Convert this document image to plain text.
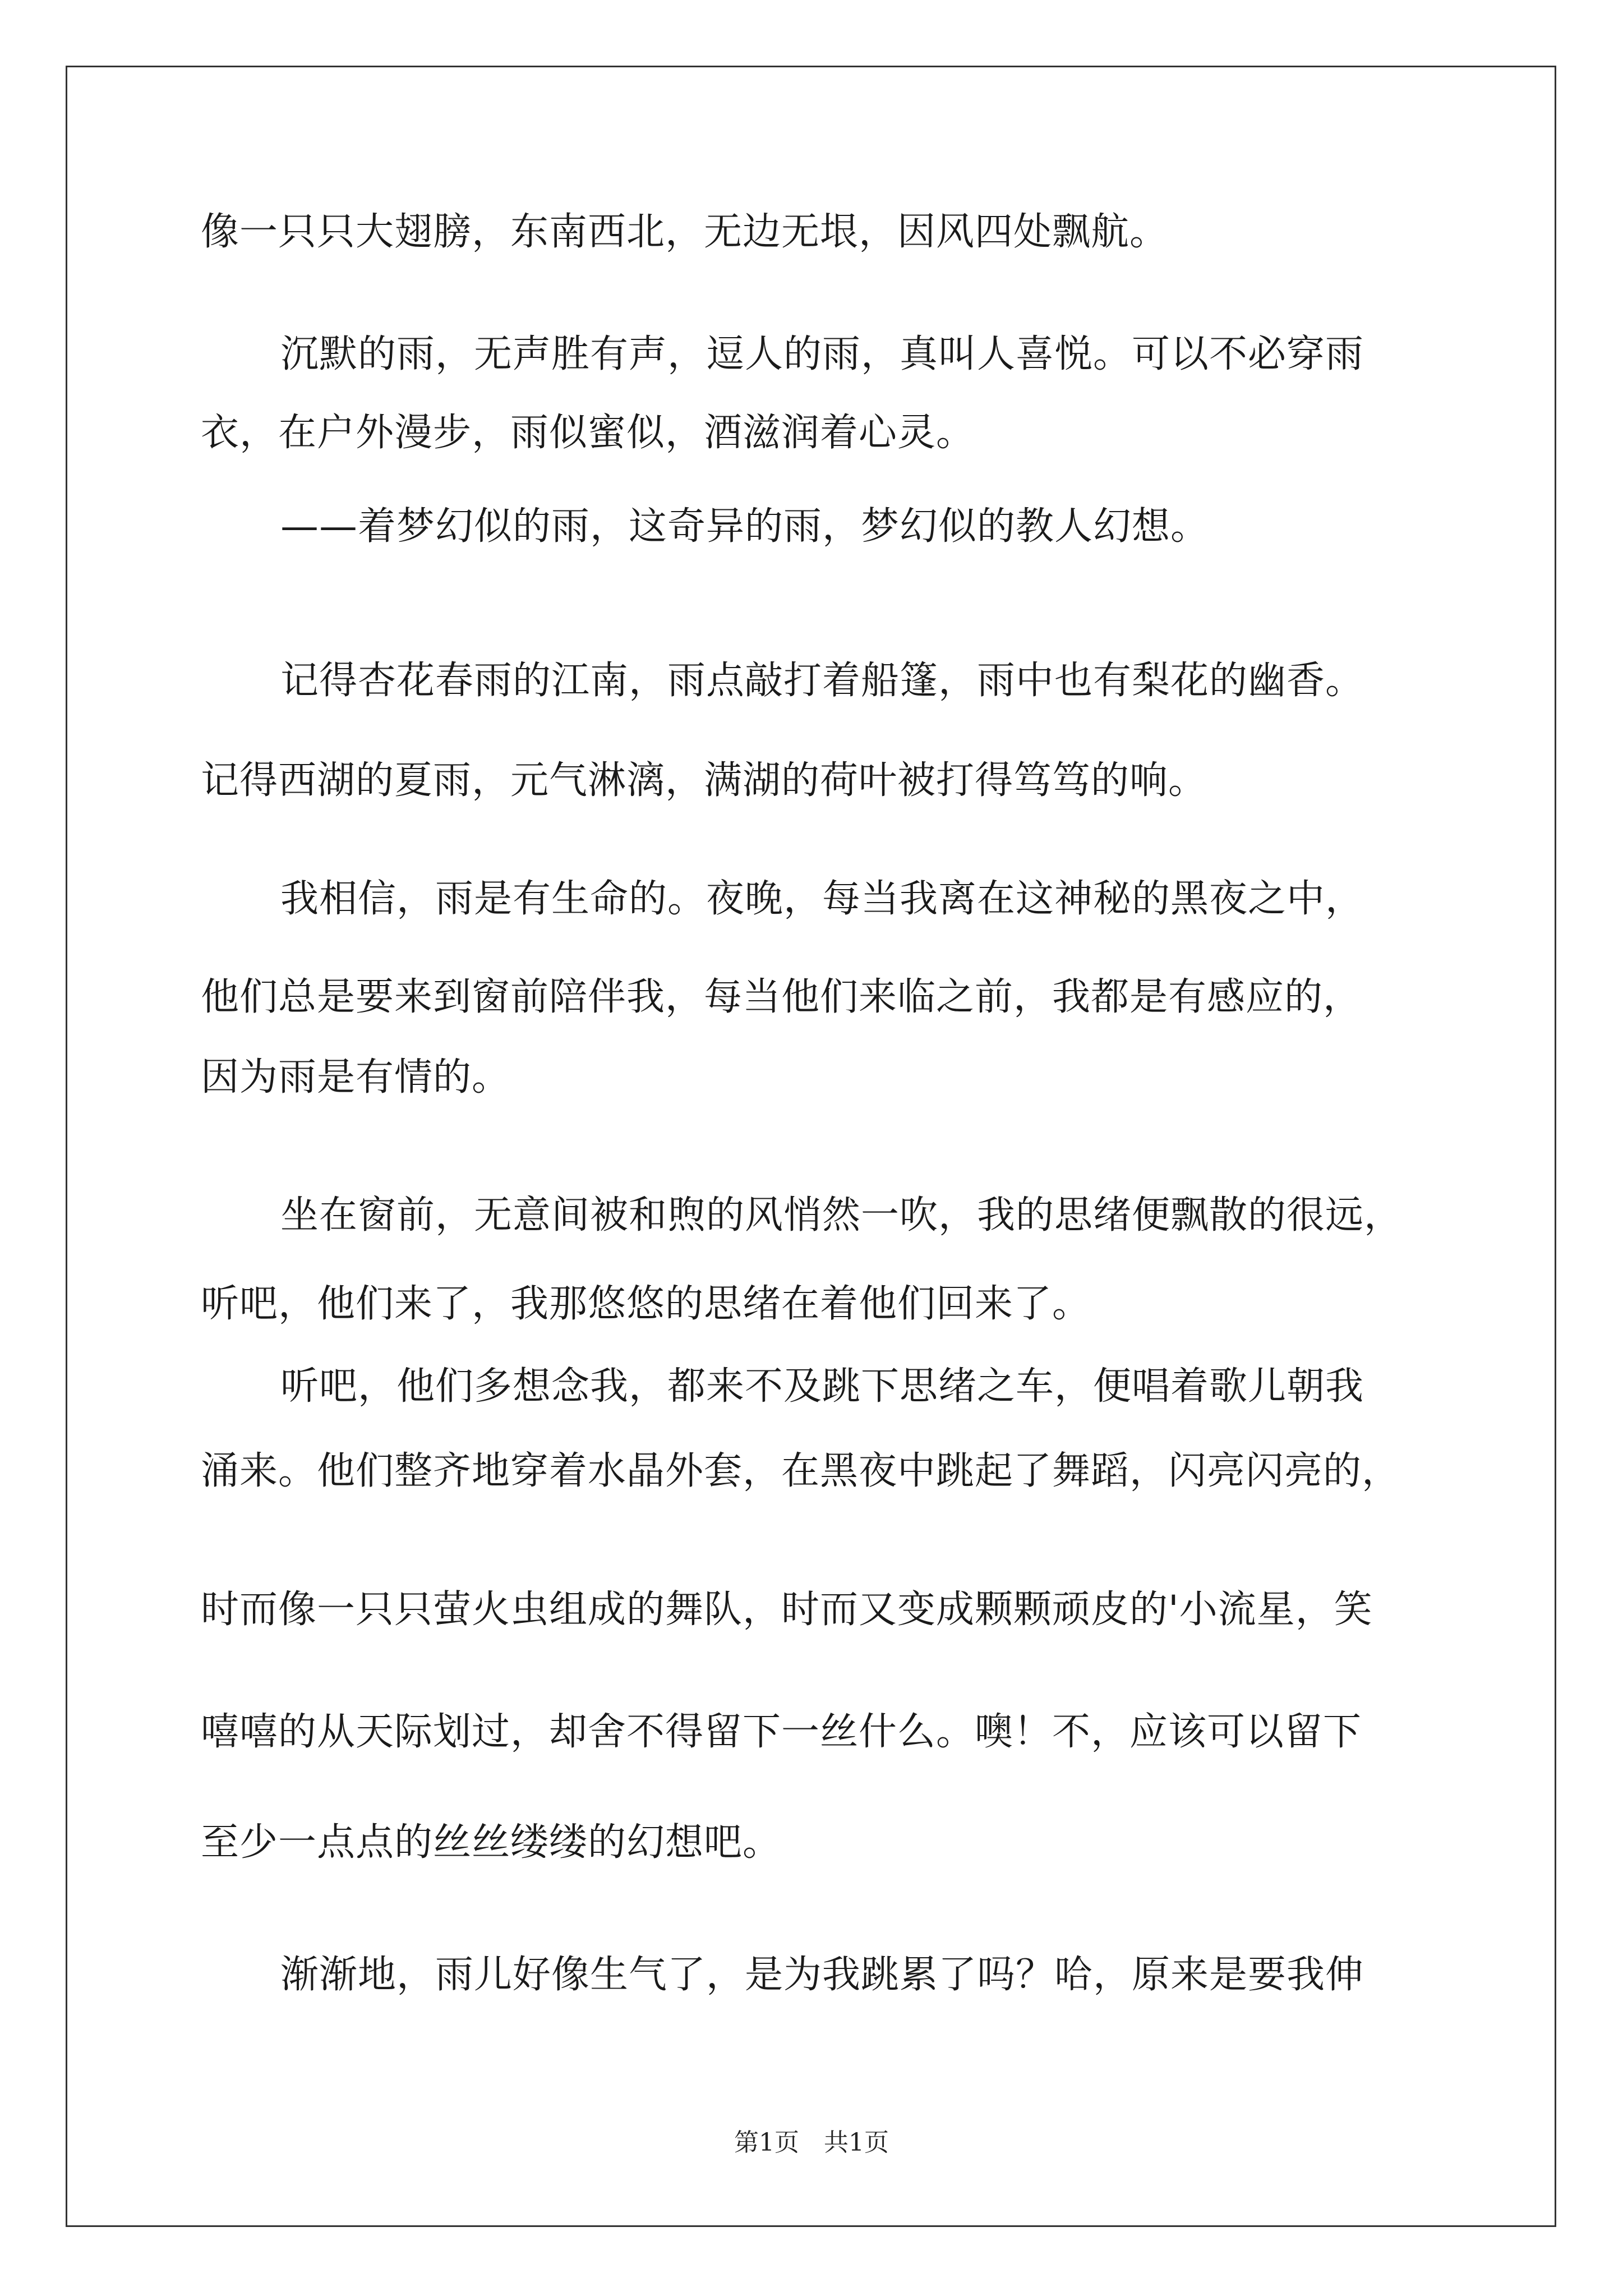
像一只只大翅膀，东南西北，无边无垠，因风四处飘航。

沉默的雨，无声胜有声，逗人的雨，真叫人喜悦。可以不必穿雨

衣，在户外漫步，雨似蜜似，酒滋润着心灵。

——着梦幻似的雨，这奇异的雨，梦幻似的教人幻想。

记得杏花春雨的江南，雨点敲打着船篷，雨中也有梨花的幽香。

记得西湖的夏雨，元气淋漓，满湖的荷叶被打得笃笃的响。

我相信，雨是有生命的。夜晚，每当我离在这神秘的黑夜之中，

他们总是要来到窗前陪伴我，每当他们来临之前，我都是有感应的，

因为雨是有情的。

坐在窗前，无意间被和煦的风悄然一吹，我的思绪便飘散的很远，

听吧，他们来了，我那悠悠的思绪在着他们回来了。

听吧，他们多想念我，都来不及跳下思绪之车，便唱着歌儿朝我

涌来。他们整齐地穿着水晶外套，在黑夜中跳起了舞蹈，闪亮闪亮的，

时而像一只只萤火虫组成的舞队，时而又变成颗颗顽皮的'小流星，笑

嘻嘻的从天际划过，却舍不得留下一丝什么。噢！不，应该可以留下

至少一点点的丝丝缕缕的幻想吧。

渐渐地，雨儿好像生气了，是为我跳累了吗？哈，原来是要我伸

第1页　共1页
